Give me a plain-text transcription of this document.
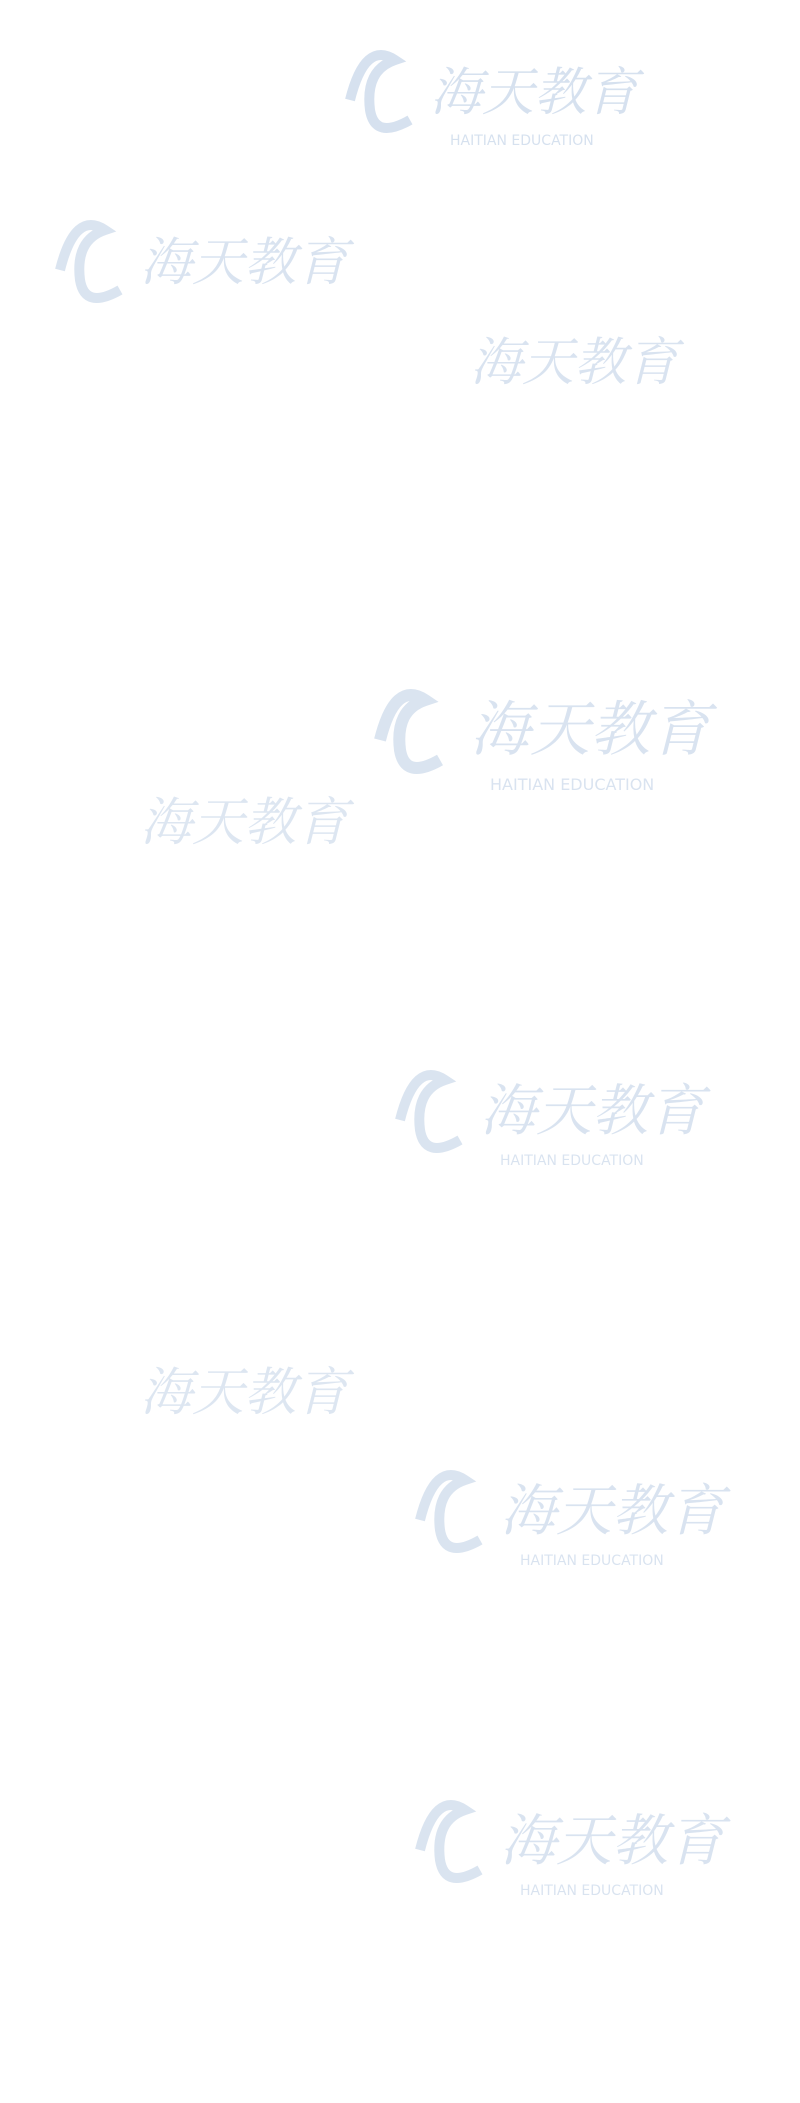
海天教育
HAITIAN EDUCATION
海天教育
海天教育
海天教育
HAITIAN EDUCATION
海天教育
海天教育
HAITIAN EDUCATION
海天教育
海天教育
HAITIAN EDUCATION
海天教育
HAITIAN EDUCATION
